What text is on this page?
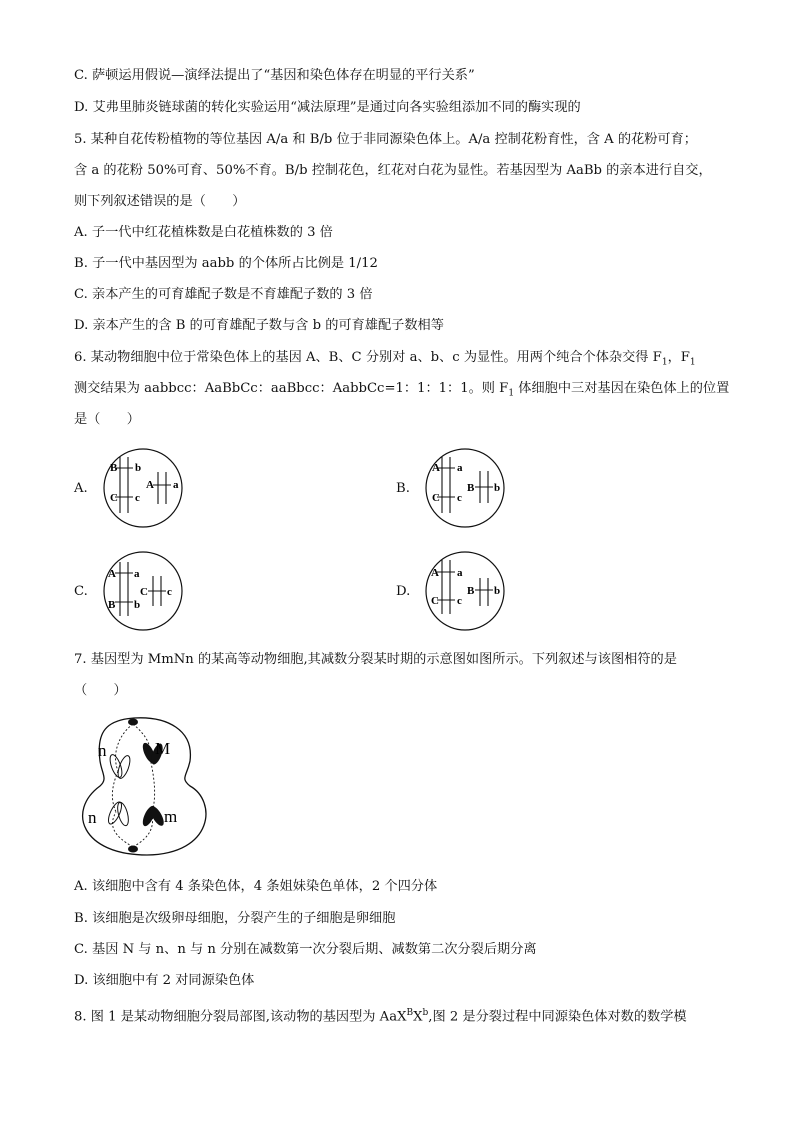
C. 萨顿运用假说—演绎法提出了“基因和染色体存在明显的平行关系”
D. 艾弗里肺炎链球菌的转化实验运用“减法原理”是通过向各实验组添加不同的酶实现的
5. 某种自花传粉植物的等位基因 A/a 和 B/b 位于非同源染色体上。A/a 控制花粉育性，含 A 的花粉可育；
含 a 的花粉 50%可育、50%不育。B/b 控制花色，红花对白花为显性。若基因型为 AaBb 的亲本进行自交，
则下列叙述错误的是（　　）
A. 子一代中红花植株数是白花植株数的 3 倍
B. 子一代中基因型为 aabb 的个体所占比例是 1/12
C. 亲本产生的可育雄配子数是不育雄配子数的 3 倍
D. 亲本产生的含 B 的可育雄配子数与含 b 的可育雄配子数相等
6. 某动物细胞中位于常染色体上的基因 A、B、C 分别对 a、b、c 为显性。用两个纯合个体杂交得 $F_1$，$F_1$
测交结果为 aabbcc：AaBbCc：aaBbcc：AabbCc=1：1：1：1。则 $F_1$ 体细胞中三对基因在染色体上的位置
是（　　）
A.	B.
C.	D.
B b
C c
A a
A a
C c
B b
A a
B b
C c
A a
C c
B b
7. 基因型为 MmNn 的某高等动物细胞,其减数分裂某时期的示意图如图所示。下列叙述与该图相符的是
（　　）
n	M
n	m
A. 该细胞中含有 4 条染色体，4 条姐妹染色单体，2 个四分体
B. 该细胞是次级卵母细胞，分裂产生的子细胞是卵细胞
C. 基因 N 与 n、n 与 n 分别在减数第一次分裂后期、减数第二次分裂后期分离
D. 该细胞中有 2 对同源染色体
8. 图 1 是某动物细胞分裂局部图,该动物的基因型为 $AaX^BX^b$,图 2 是分裂过程中同源染色体对数的数学模
